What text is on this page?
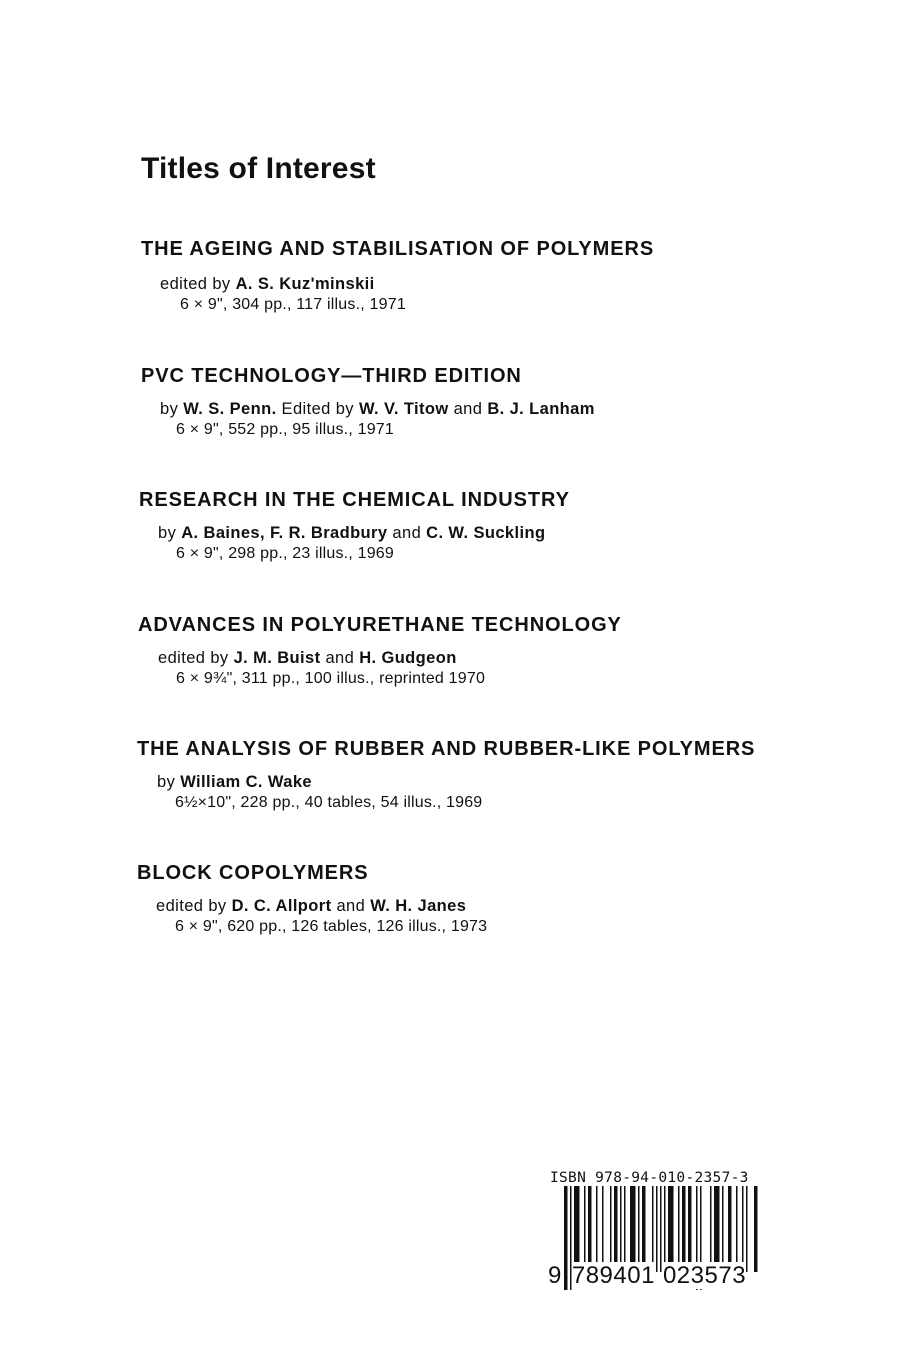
Titles of Interest
THE AGEING AND STABILISATION OF POLYMERS
edited by A. S. Kuz'minskii
6 × 9", 304 pp., 117 illus., 1971
PVC TECHNOLOGY—THIRD EDITION
by W. S. Penn. Edited by W. V. Titow and B. J. Lanham
6 × 9", 552 pp., 95 illus., 1971
RESEARCH IN THE CHEMICAL INDUSTRY
by A. Baines, F. R. Bradbury and C. W. Suckling
6 × 9", 298 pp., 23 illus., 1969
ADVANCES IN POLYURETHANE TECHNOLOGY
edited by J. M. Buist and H. Gudgeon
6 × 9¾", 311 pp., 100 illus., reprinted 1970
THE ANALYSIS OF RUBBER AND RUBBER-LIKE POLYMERS
by William C. Wake
6½×10", 228 pp., 40 tables, 54 illus., 1969
BLOCK COPOLYMERS
edited by D. C. Allport and W. H. Janes
6 × 9", 620 pp., 126 tables, 126 illus., 1973
ISBN 978-94-010-2357-3
9 789401 023573
